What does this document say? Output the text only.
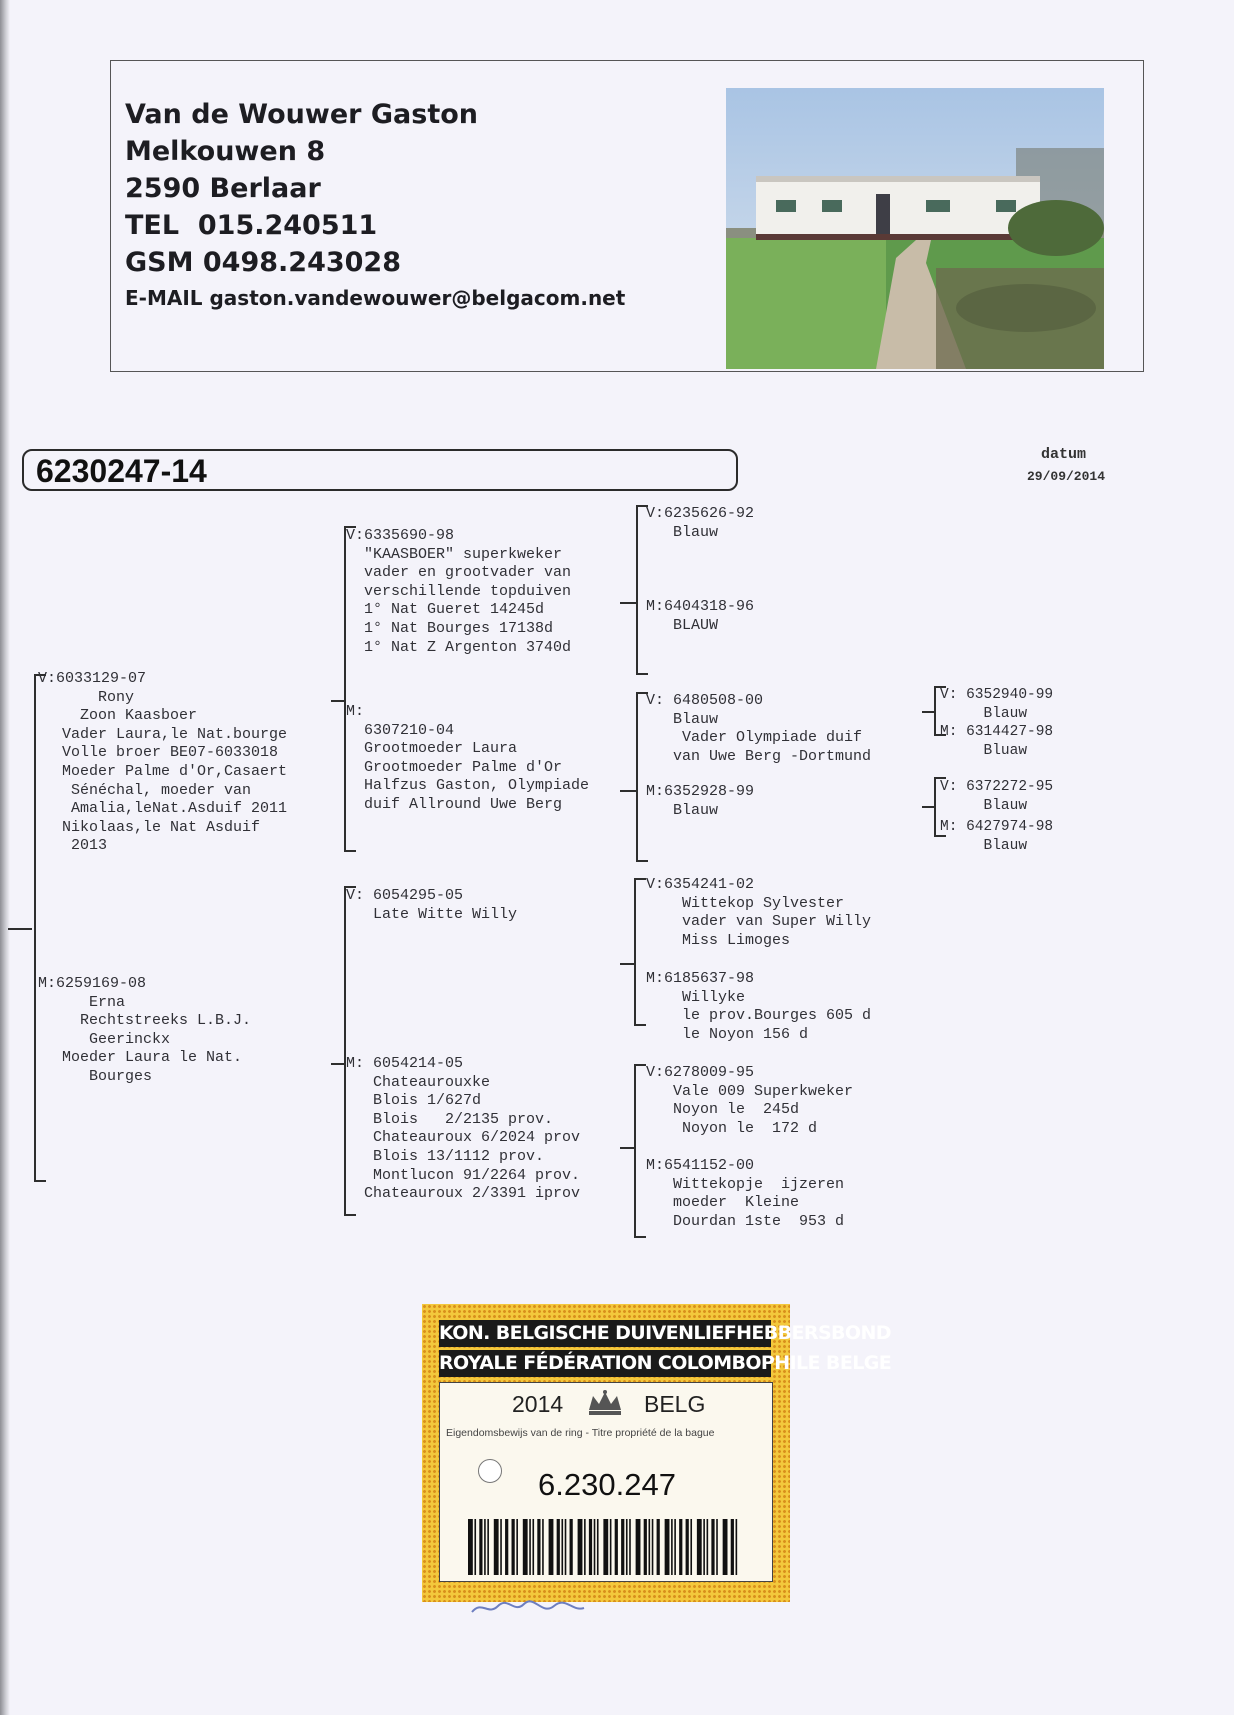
Van de Wouwer Gaston
Melkouwen 8
2590 Berlaar
TEL  015.240511
GSM 0498.243028
E-MAIL gaston.vandewouwer@belgacom.net
6230247-14	datum
29/09/2014
V:6033129-07
Rony
Zoon Kaasboer
Vader Laura,le Nat.bourge
Volle broer BE07-6033018
Moeder Palme d'Or,Casaert
Sénéchal, moeder van
Amalia,leNat.Asduif 2011
Nikolaas,le Nat Asduif
2013
M:6259169-08
Erna
Rechtstreeks L.B.J.
Geerinckx
Moeder Laura le Nat.
Bourges
V:6335690-98
"KAASBOER" superkweker
vader en grootvader van
verschillende topduiven
1° Nat Gueret 14245d
1° Nat Bourges 17138d
1° Nat Z Argenton 3740d
M:
6307210-04
Grootmoeder Laura
Grootmoeder Palme d'Or
Halfzus Gaston, Olympiade
duif Allround Uwe Berg
V: 6054295-05
Late Witte Willy
M: 6054214-05
Chateaurouxke
Blois 1/627d
Blois   2/2135 prov.
Chateauroux 6/2024 prov
Blois 13/1112 prov.
Montlucon 91/2264 prov.
Chateauroux 2/3391 iprov
V:6235626-92
Blauw
M:6404318-96
BLAUW
V: 6480508-00
Blauw
Vader Olympiade duif
van Uwe Berg -Dortmund
M:6352928-99
Blauw
V:6354241-02
Wittekop Sylvester
vader van Super Willy
Miss Limoges
M:6185637-98
Willyke
le prov.Bourges 605 d
le Noyon 156 d
V:6278009-95
Vale 009 Superkweker
Noyon le  245d
Noyon le  172 d
M:6541152-00
Wittekopje  ijzeren
moeder  Kleine
Dourdan 1ste  953 d
V: 6352940-99
Blauw
M: 6314427-98
Bluaw
V: 6372272-95
Blauw
M: 6427974-98
Blauw
KON. BELGISCHE DUIVENLIEFHEBBERSBOND
ROYALE FÉDÉRATION COLOMBOPHILE BELGE
2014	BELG
Eigendomsbewijs van de ring - Titre propriété de la bague
6.230.247
